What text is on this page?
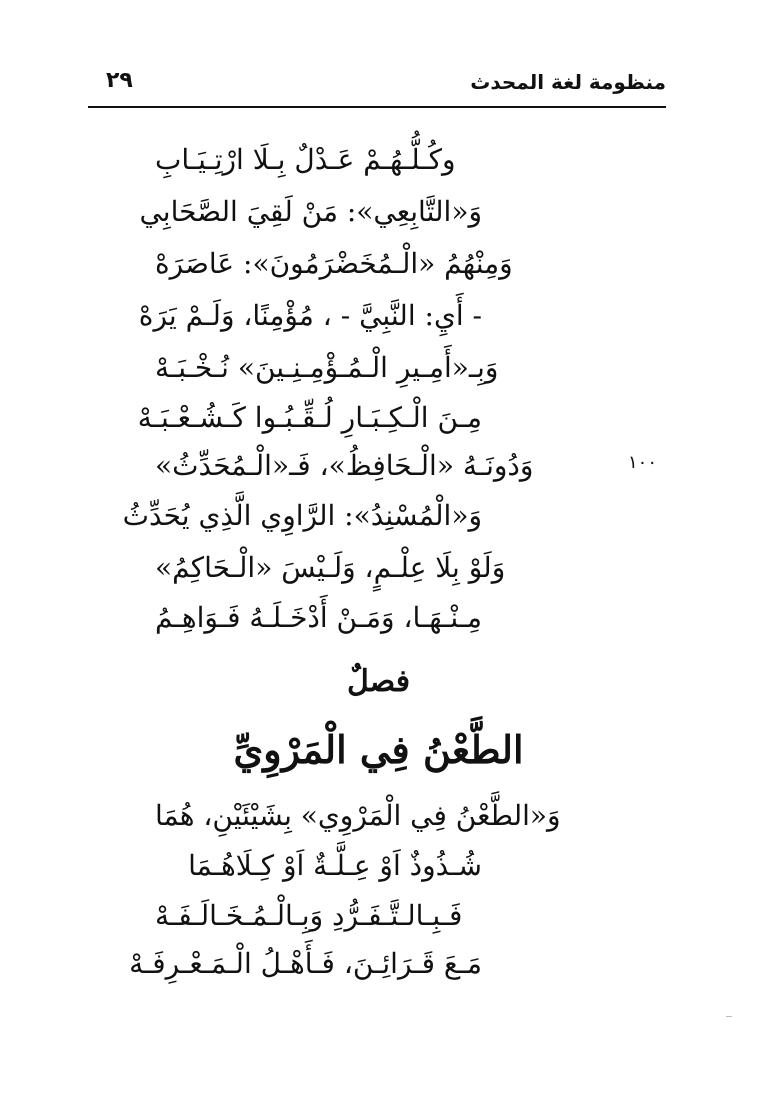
منظومة لغة المحدث
٢٩
وكُـلُّـهُـمْ عَـدْلٌ بِـلَا ارْتِـيَـابِ
وَ«التَّابِعِي»: مَنْ لَقِيَ الصَّحَابِي
وَمِنْهُمُ «الْـمُخَضْرَمُونَ»: عَاصَرَهْ
- أَيِ: النَّبِيَّ - ، مُؤْمِنًا، وَلَـمْ يَرَهْ
وَبِـ«أَمِـيرِ الْـمُـؤْمِـنِـينَ» نُـخْـبَـهْ
مِـنَ الْـكِـبَـارِ لُـقِّـبُـوا كَـشُـعْـبَـهْ
وَدُونَـهُ «الْـحَافِظُ»، فَـ«الْـمُحَدِّثُ»	١٠٠
وَ«الْمُسْنِدُ»: الرَّاوِي الَّذِي يُحَدِّثُ
وَلَوْ بِلَا عِلْـمٍ، وَلَـيْسَ «الْـحَاكِمُ»
مِـنْـهَـا، وَمَـنْ أَدْخَـلَـهُ فَـوَاهِـمُ
فصلٌ
الطَّعْنُ فِي الْمَرْوِيِّ
وَ«الطَّعْنُ فِي الْمَرْوِي» بِشَيْئَيْنِ، هُمَا
شُـذُوذٌ اَوْ عِـلَّـةٌ اَوْ كِـلَاهُـمَا
فَـبِـالـتَّـفَـرُّدِ وَبِـالْـمُـخَـالَـفَـهْ
مَـعَ قَـرَائِـنَ، فَـأَهْـلُ الْـمَـعْـرِفَـهْ
